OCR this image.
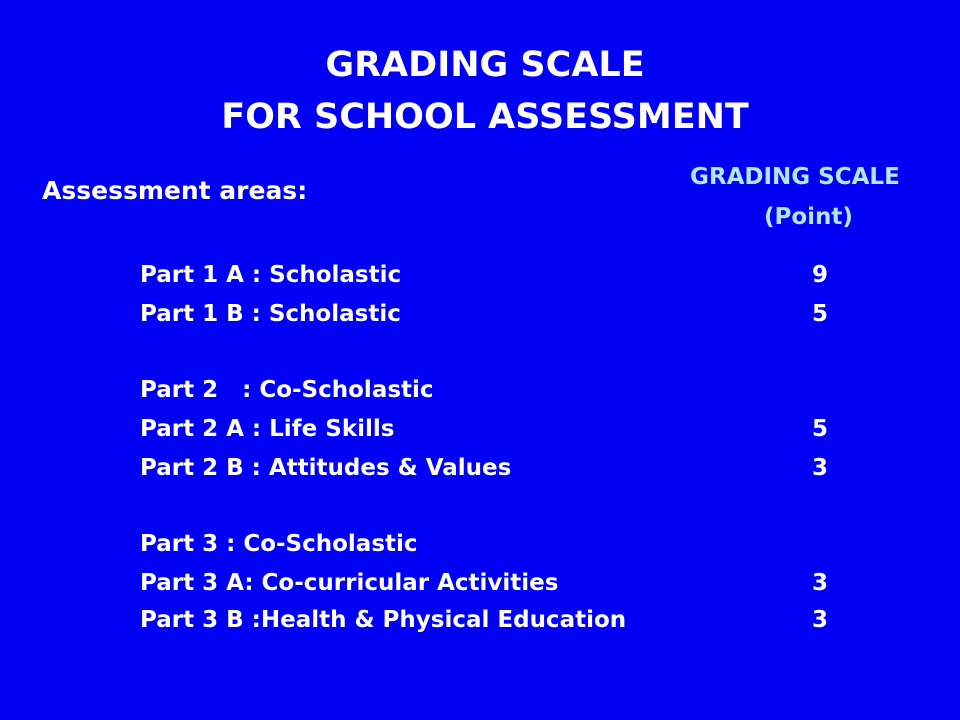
GRADING SCALE
FOR SCHOOL ASSESSMENT
Assessment areas:	GRADING SCALE
(Point)
Part 1 A : Scholastic	9
Part 1 B : Scholastic	5
Part 2   : Co-Scholastic
Part 2 A : Life Skills	5
Part 2 B : Attitudes & Values	3
Part 3 : Co-Scholastic
Part 3 A: Co-curricular Activities	3
Part 3 B :Health & Physical Education	3
